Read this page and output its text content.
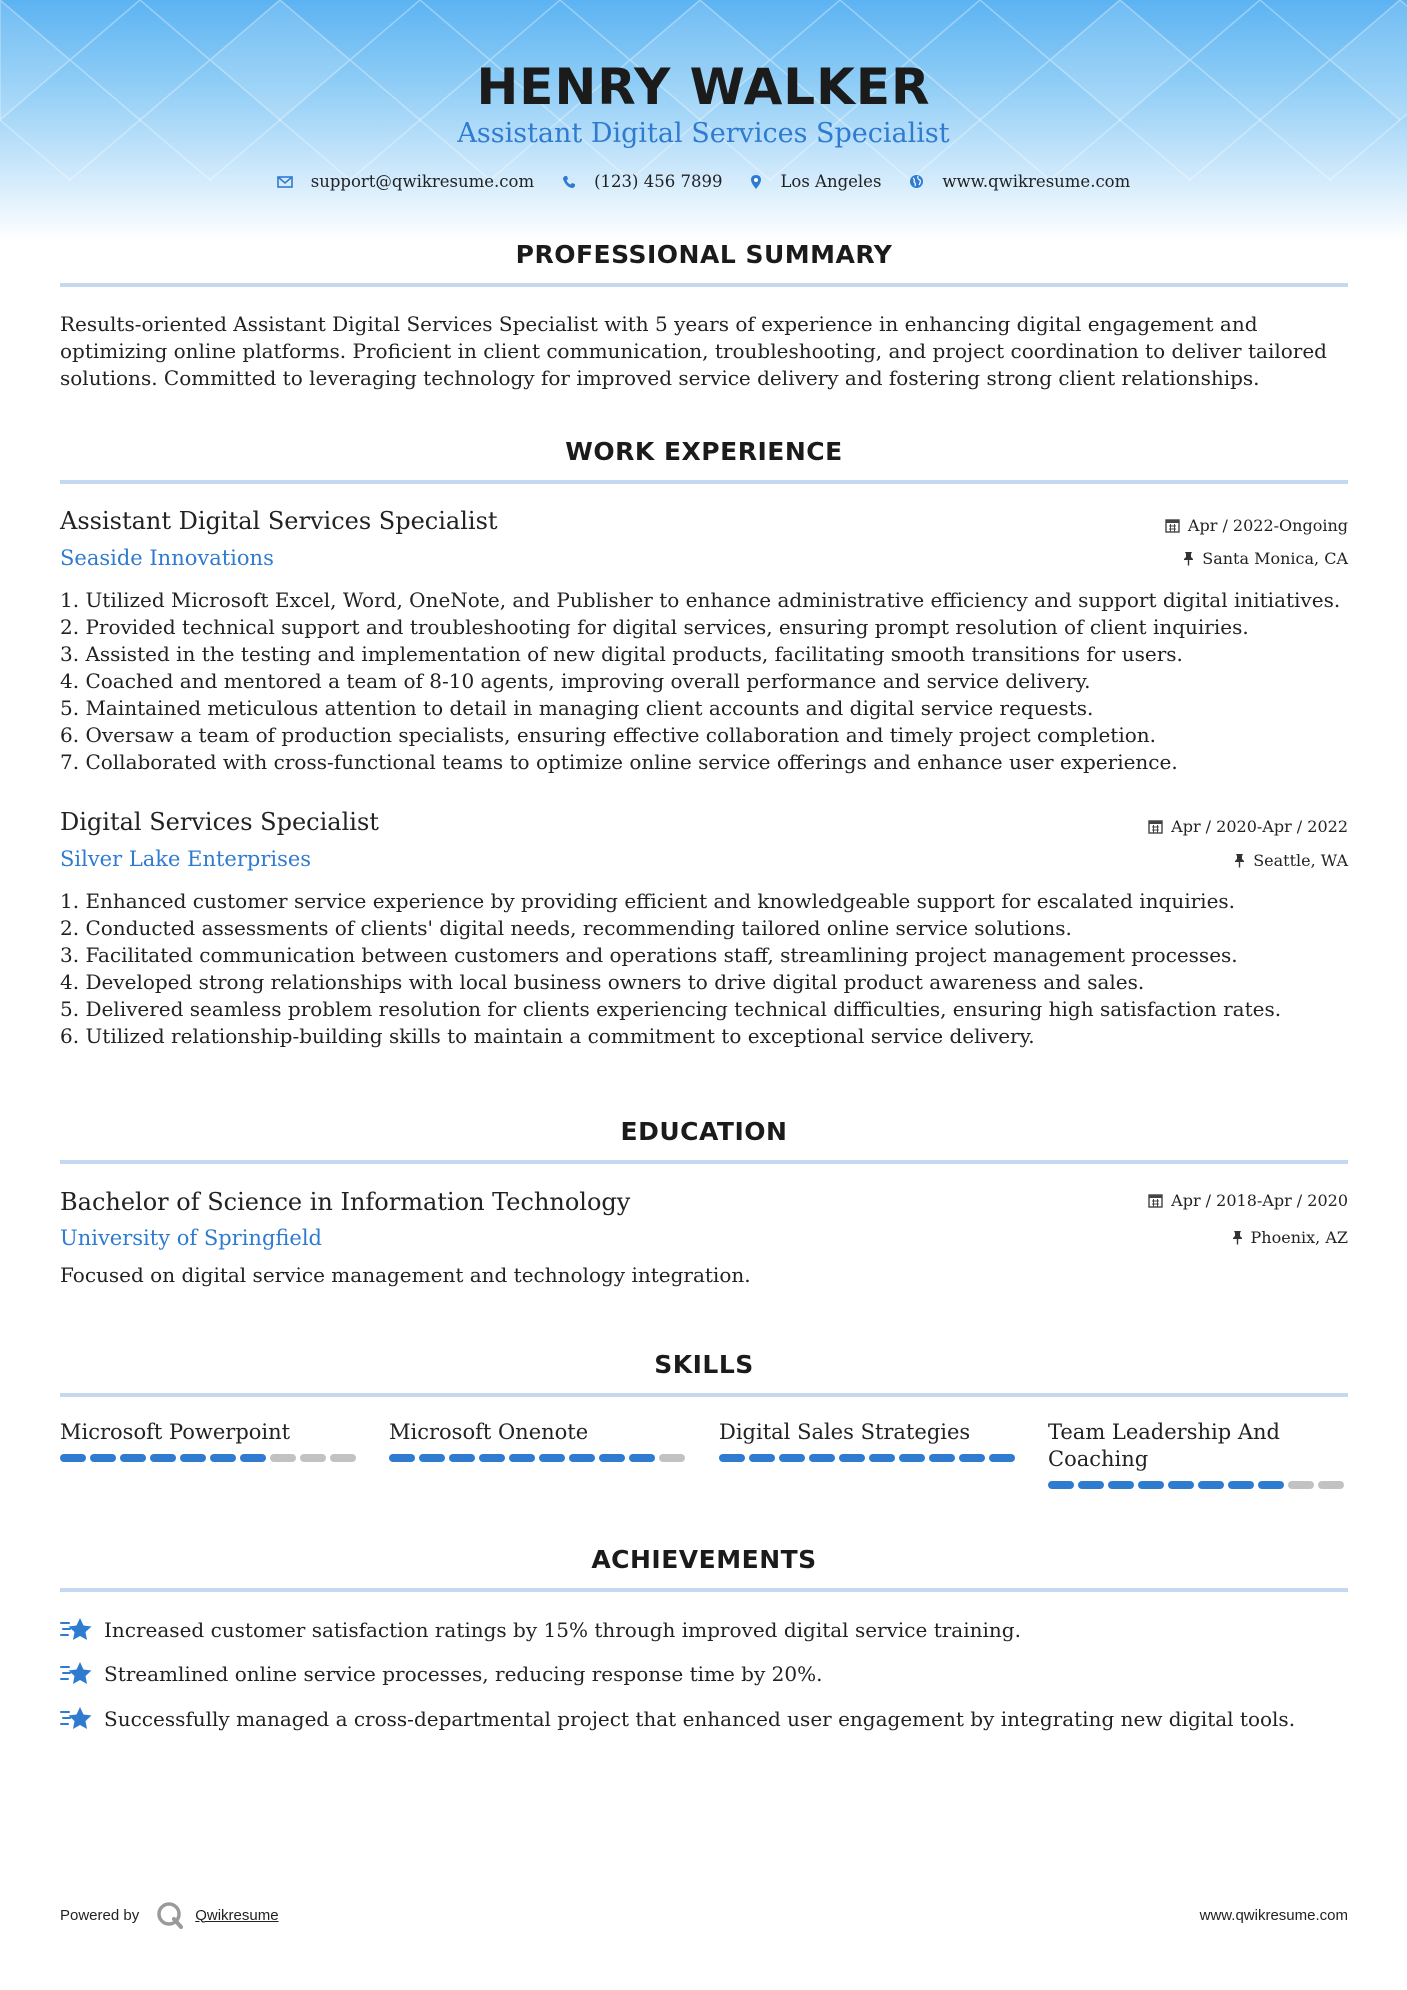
HENRY WALKER
Assistant Digital Services Specialist
support@qwikresume.com	(123) 456 7899	Los Angeles	www.qwikresume.com
PROFESSIONAL SUMMARY
Results-oriented Assistant Digital Services Specialist with 5 years of experience in enhancing digital engagement and
optimizing online platforms. Proficient in client communication, troubleshooting, and project coordination to deliver tailored
solutions. Committed to leveraging technology for improved service delivery and fostering strong client relationships.
WORK EXPERIENCE
Assistant Digital Services Specialist	Apr / 2022-Ongoing
Seaside Innovations	Santa Monica, CA
1. Utilized Microsoft Excel, Word, OneNote, and Publisher to enhance administrative efficiency and support digital initiatives.
2. Provided technical support and troubleshooting for digital services, ensuring prompt resolution of client inquiries.
3. Assisted in the testing and implementation of new digital products, facilitating smooth transitions for users.
4. Coached and mentored a team of 8-10 agents, improving overall performance and service delivery.
5. Maintained meticulous attention to detail in managing client accounts and digital service requests.
6. Oversaw a team of production specialists, ensuring effective collaboration and timely project completion.
7. Collaborated with cross-functional teams to optimize online service offerings and enhance user experience.
Digital Services Specialist	Apr / 2020-Apr / 2022
Silver Lake Enterprises	Seattle, WA
1. Enhanced customer service experience by providing efficient and knowledgeable support for escalated inquiries.
2. Conducted assessments of clients' digital needs, recommending tailored online service solutions.
3. Facilitated communication between customers and operations staff, streamlining project management processes.
4. Developed strong relationships with local business owners to drive digital product awareness and sales.
5. Delivered seamless problem resolution for clients experiencing technical difficulties, ensuring high satisfaction rates.
6. Utilized relationship-building skills to maintain a commitment to exceptional service delivery.
EDUCATION
Bachelor of Science in Information Technology	Apr / 2018-Apr / 2020
University of Springfield	Phoenix, AZ
Focused on digital service management and technology integration.
SKILLS
Microsoft Powerpoint	Microsoft Onenote	Digital Sales Strategies	Team Leadership And Coaching
ACHIEVEMENTS
Increased customer satisfaction ratings by 15% through improved digital service training.
Streamlined online service processes, reducing response time by 20%.
Successfully managed a cross-departmental project that enhanced user engagement by integrating new digital tools.
Powered by	Qwikresume	www.qwikresume.com
